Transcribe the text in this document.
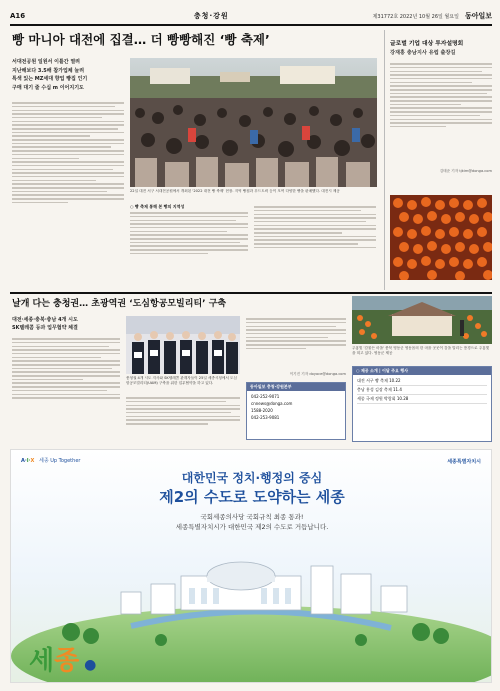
A16	충청·강원	제31772호 2022년 10월 26일 월요일 동아일보
빵 마니아 대전에 집결… 더 빵빵해진 ‘빵 축제’
서대전공원 일원서 이틀간 열려
지난해보다 3.5배 참가업체 늘려
특색 있는 MZ세대 향업 빵집 인기
구매 대기 줄 수십 m 이어지기도
22일 대전 서구 서대전공원에서 개최된 '2022 대전 빵 축제' 현장. 지역 빵집과 푸드트럭 등이 모여 다양한 빵을 판매했다. 대전시 제공
○ 빵 축제 통해 본 빵의 지역성
글로벌 기업 대상 투자설명회
강재홍 충남지사 유럽 출장길
김태준 기자 tjkim@donga.com
날개 다는 충청권… 초광역권 ‘도심항공모빌리티’ 구축
대전·세종·충북·충남 4개 시도
SK텔레콤 등과 업무협약 체결
충청권 4개 시도 지사와 SK텔레콤 관계자들이 25일 세종시청에서 도심항공모빌리티(UAM) 구축을 위한 업무협약을 하고 있다.
이기진 기자 doyoce@donga.com
동아일보 충청·강원본부
042-252-9071
cnnews@donga.com
1588-2020
042-253-9081
주홍빛 '감물든 마을' 충북 영동군 영동읍의 한 마을 곳곳이 감을 말리는 풍경으로 주홍빛을 띠고 있다. 영동군 제공
○ 제공 소개 | 이달 주요 행사
대전 서구 빵 축제 10.22
충남 홍성 김장 축제 11.4
세종 국제 정원 박람회 10.28
A·I·X 세종 Up Together	세종특별자치시
대한민국 정치·행정의 중심
제2의 수도로 도약하는 세종
국회세종의사당 국회규칙 최종 통과!
세종특별자치시가 대한민국 제2의 수도로 거듭납니다.
세종 ●
